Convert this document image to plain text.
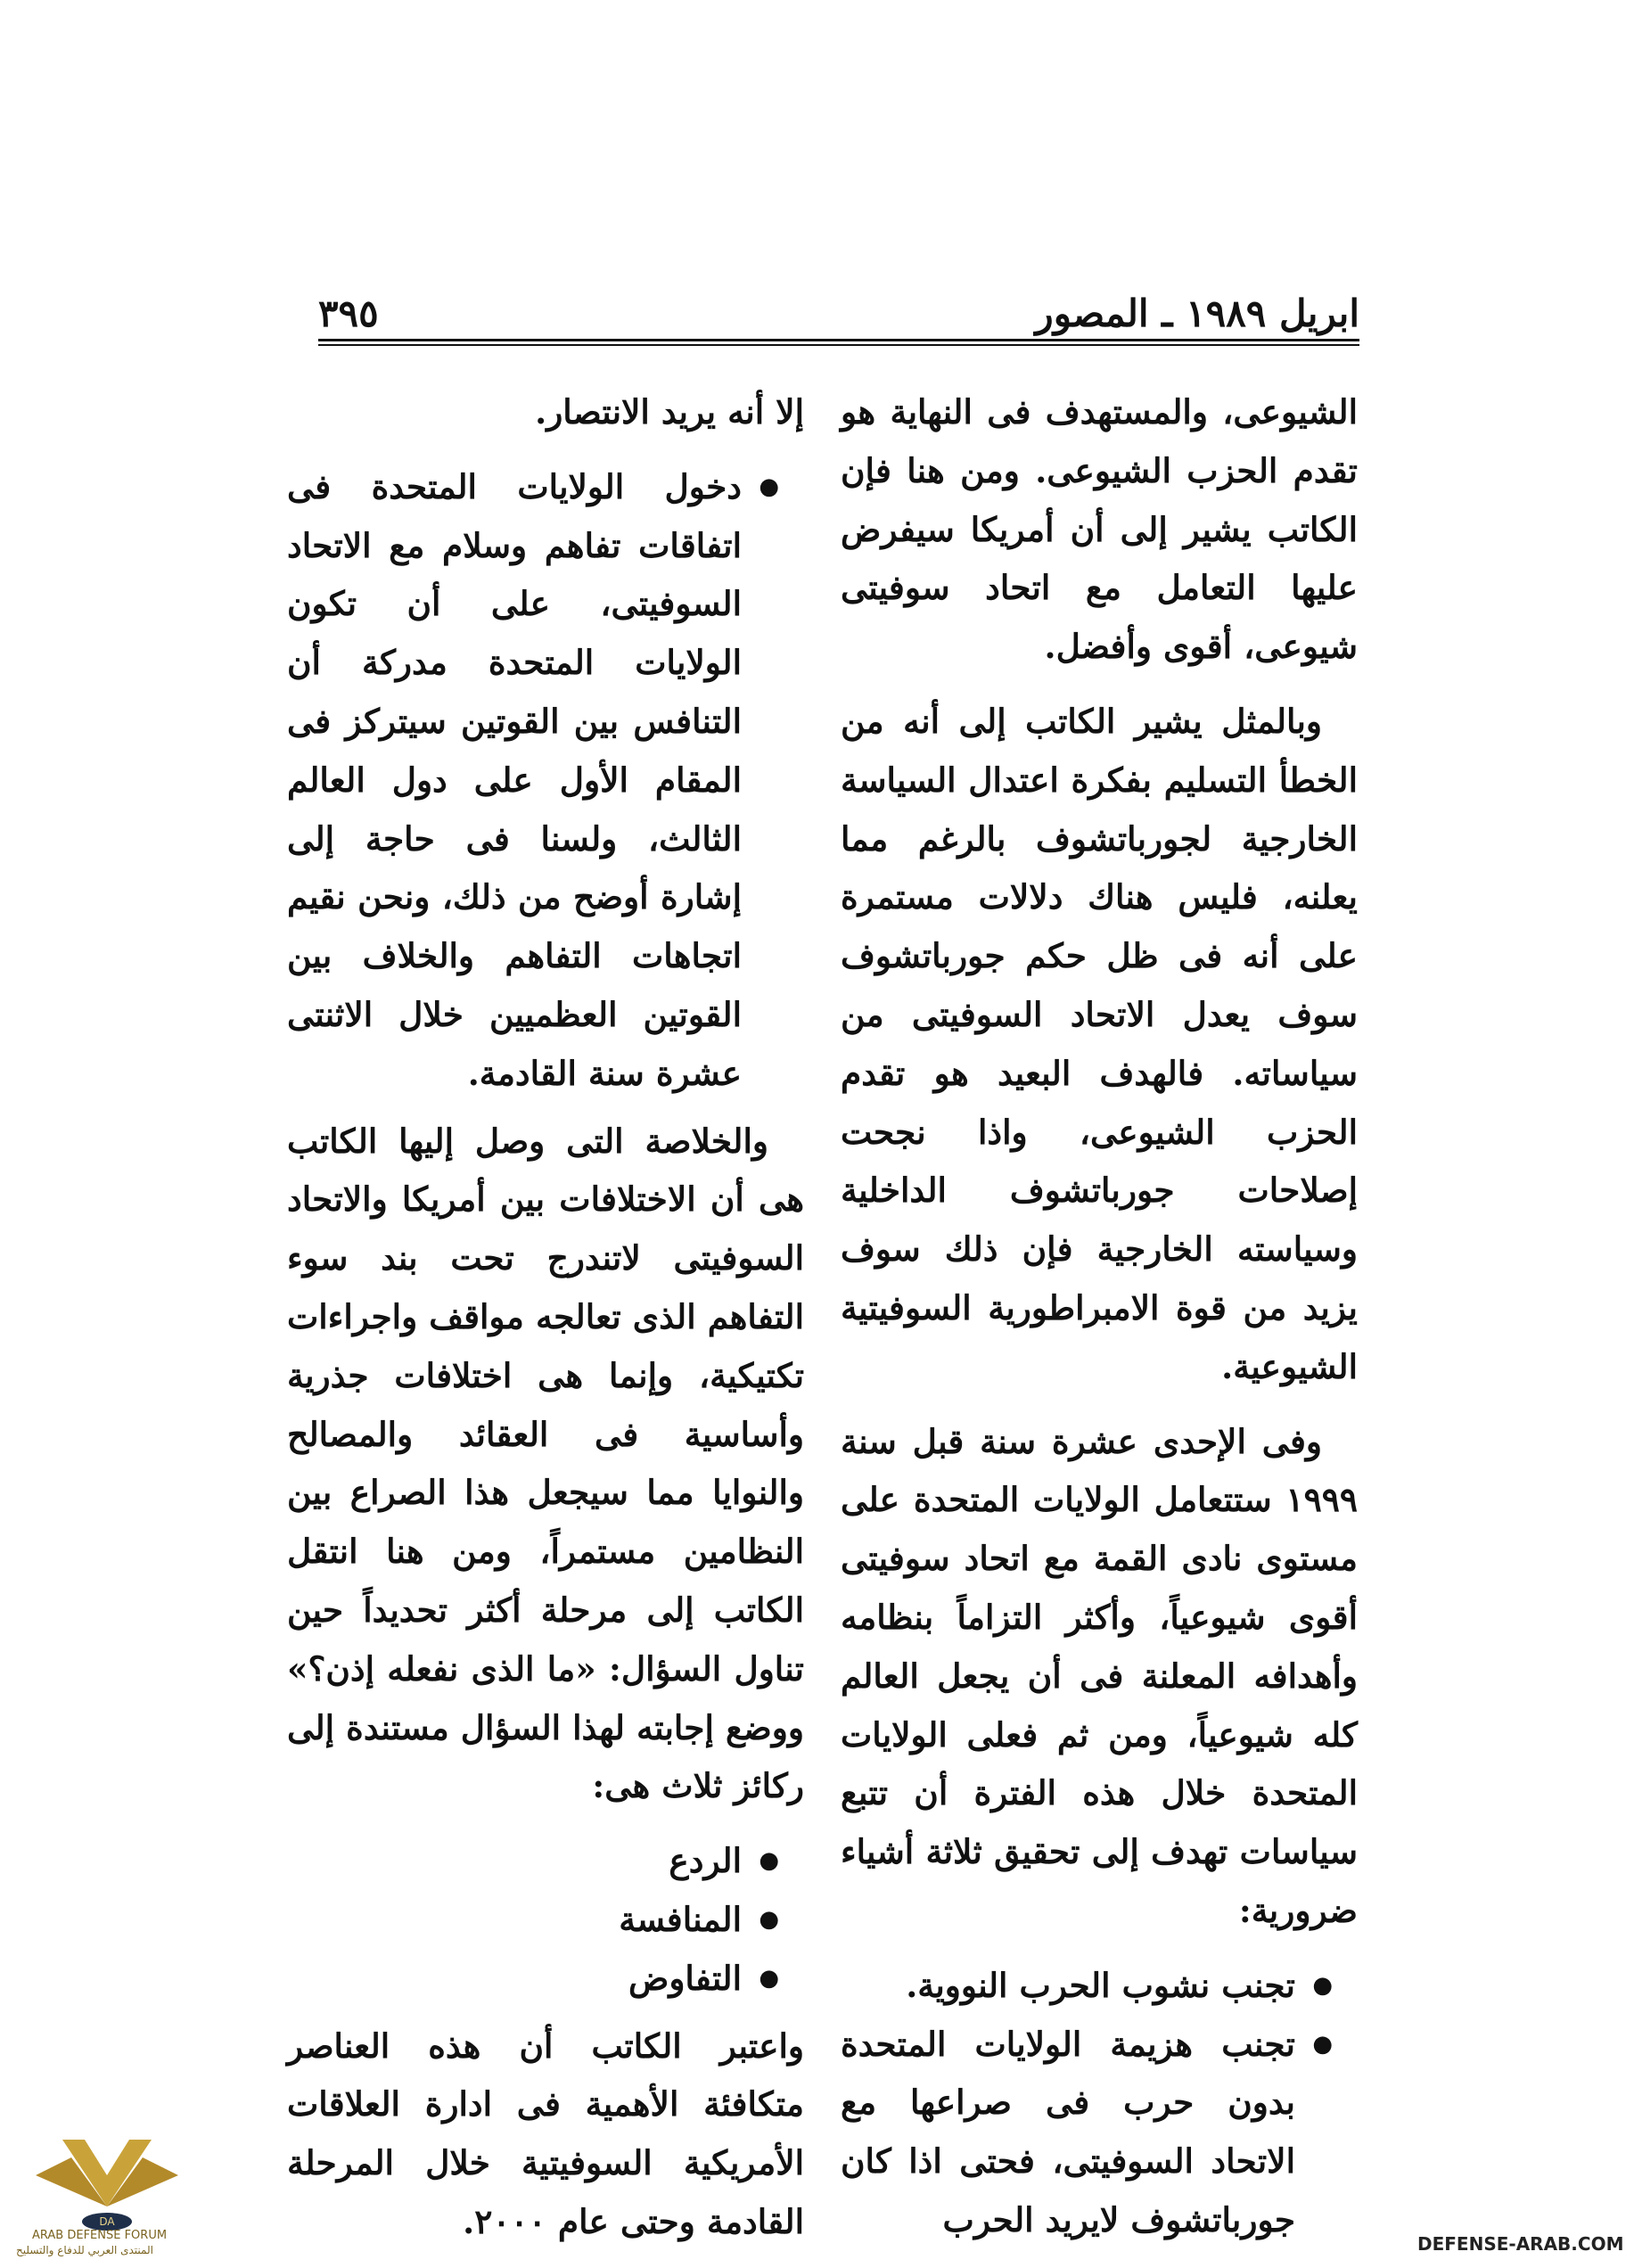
ابريل ١٩٨٩ ـ المصور
٣٩٥

الشيوعى، والمستهدف فى النهاية هو تقدم الحزب الشيوعى. ومن هنا فإن الكاتب يشير إلى أن أمريكا سيفرض عليها التعامل مع اتحاد سوفيتى شيوعى، أقوى وأفضل.

وبالمثل يشير الكاتب إلى أنه من الخطأ التسليم بفكرة اعتدال السياسة الخارجية لجورباتشوف بالرغم مما يعلنه، فليس هناك دلالات مستمرة على أنه فى ظل حكم جورباتشوف سوف يعدل الاتحاد السوفيتى من سياساته. فالهدف البعيد هو تقدم الحزب الشيوعى، واذا نجحت إصلاحات جورباتشوف الداخلية وسياسته الخارجية فإن ذلك سوف يزيد من قوة الامبراطورية السوفيتية الشيوعية.

وفى الإحدى عشرة سنة قبل سنة ١٩٩٩ ستتعامل الولايات المتحدة على مستوى نادى القمة مع اتحاد سوفيتى أقوى شيوعياً، وأكثر التزاماً بنظامه وأهدافه المعلنة فى أن يجعل العالم كله شيوعياً، ومن ثم فعلى الولايات المتحدة خلال هذه الفترة أن تتبع سياسات تهدف إلى تحقيق ثلاثة أشياء ضرورية:

● تجنب نشوب الحرب النووية.
● تجنب هزيمة الولايات المتحدة بدون حرب فى صراعها مع الاتحاد السوفيتى، فحتى اذا كان جورباتشوف لايريد الحرب

إلا أنه يريد الانتصار.

● دخول الولايات المتحدة فى اتفاقات تفاهم وسلام مع الاتحاد السوفيتى، على أن تكون الولايات المتحدة مدركة أن التنافس بين القوتين سيتركز فى المقام الأول على دول العالم الثالث، ولسنا فى حاجة إلى إشارة أوضح من ذلك، ونحن نقيم اتجاهات التفاهم والخلاف بين القوتين العظميين خلال الاثنتى عشرة سنة القادمة.

والخلاصة التى وصل إليها الكاتب هى أن الاختلافات بين أمريكا والاتحاد السوفيتى لاتندرج تحت بند سوء التفاهم الذى تعالجه مواقف واجراءات تكتيكية، وإنما هى اختلافات جذرية وأساسية فى العقائد والمصالح والنوايا مما سيجعل هذا الصراع بين النظامين مستمراً، ومن هنا انتقل الكاتب إلى مرحلة أكثر تحديداً حين تناول السؤال: «ما الذى نفعله إذن؟» ووضع إجابته لهذا السؤال مستندة إلى ركائز ثلاث هى:

● الردع
● المنافسة
● التفاوض

واعتبر الكاتب أن هذه العناصر متكافئة الأهمية فى ادارة العلاقات الأمريكية السوفيتية خلال المرحلة القادمة وحتى عام ٢٠٠٠.

DA
ARAB DEFENSE FORUM
المنتدى العربي للدفاع والتسليح	DEFENSE-ARAB.COM
